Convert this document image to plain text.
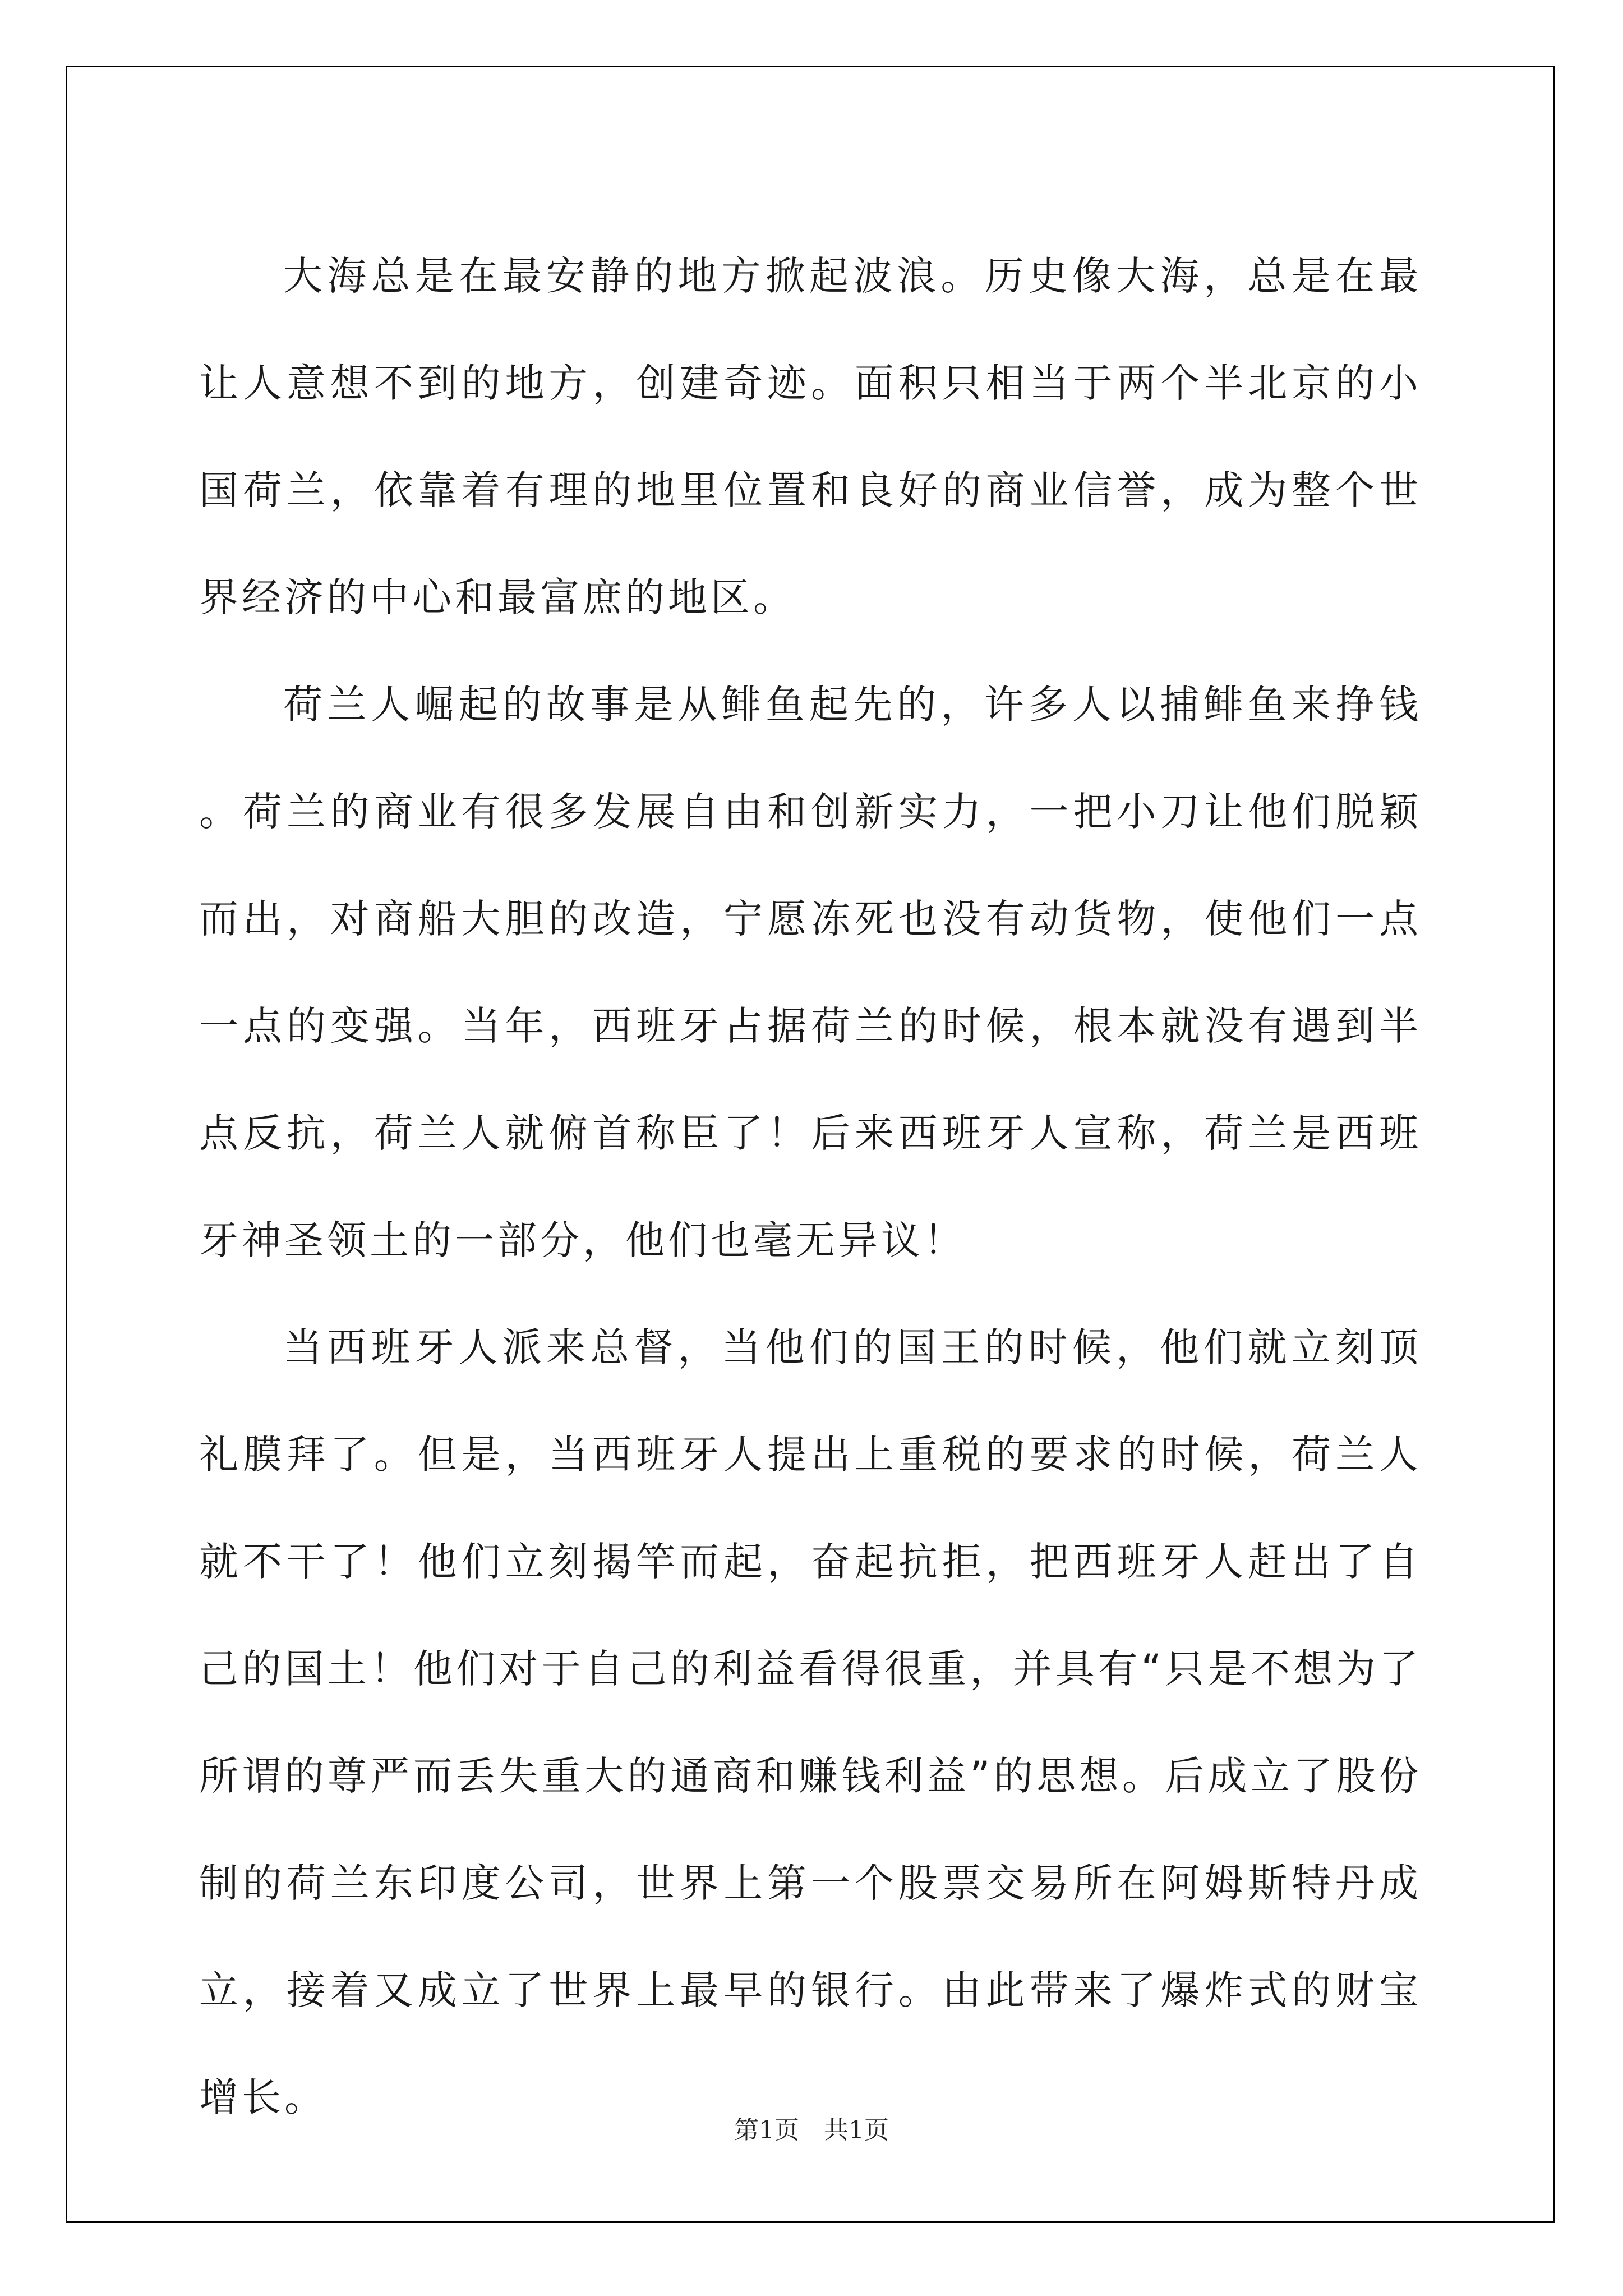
大海总是在最安静的地方掀起波浪。历史像大海，总是在最让人意想不到的地方，创建奇迹。面积只相当于两个半北京的小国荷兰，依靠着有理的地里位置和良好的商业信誉，成为整个世界经济的中心和最富庶的地区。

荷兰人崛起的故事是从鲱鱼起先的，许多人以捕鲱鱼来挣钱。荷兰的商业有很多发展自由和创新实力，一把小刀让他们脱颖而出，对商船大胆的改造，宁愿冻死也没有动货物，使他们一点一点的变强。当年，西班牙占据荷兰的时候，根本就没有遇到半点反抗，荷兰人就俯首称臣了！后来西班牙人宣称，荷兰是西班牙神圣领土的一部分，他们也毫无异议！

当西班牙人派来总督，当他们的国王的时候，他们就立刻顶礼膜拜了。但是，当西班牙人提出上重税的要求的时候，荷兰人就不干了！他们立刻揭竿而起，奋起抗拒，把西班牙人赶出了自己的国土！他们对于自己的利益看得很重，并具有“只是不想为了所谓的尊严而丢失重大的通商和赚钱利益”的思想。后成立了股份制的荷兰东印度公司，世界上第一个股票交易所在阿姆斯特丹成立，接着又成立了世界上最早的银行。由此带来了爆炸式的财宝增长。

第1页　共1页
